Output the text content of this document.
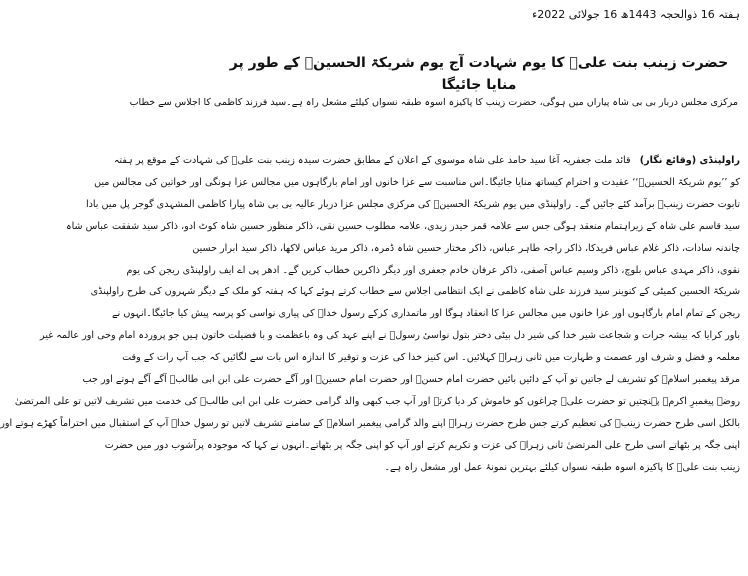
ہفتہ 16 ذوالحجہ 1443ھ 16 جولائی 2022ء
حضرت زینب بنت علیؑ کا یوم شہادت آج یوم شریکۃ الحسینؑ کے طور پر منایا جائیگا
مرکزی مجلس دربار بی بی شاہ پیاراں میں ہوگی، حضرت زینب کا پاکیزہ اسوہ طبقہ نسواں کیلئے مشعل راہ ہے۔سید فرزند کاظمی کا اجلاس سے خطاب
راولپنڈی (وقائع نگار)   قائد ملت جعفریہ آغا سید حامد علی شاہ موسوی کے اعلان کے مطابق حضرت سیدہ زینب بنت علیؑ کی شہادت کے موقع پر ہفتہ
کو ’’یوم شریکۃ الحسینؑ‘‘ عقیدت و احترام کیساتھ منایا جائیگا۔اس مناسبت سے عزا خانوں اور امام بارگاہوں میں مجالس عزا ہونگی اور خواتین کی مجالس میں
تابوت حضرت زینبؑ برآمد کئے جائیں گے۔ راولپنڈی میں یوم شریکۃ الحسینؑ کی مرکزی مجلس عزا دربار عالیہ بی بی شاہ پیارا کاظمی المشہدی گوجر پل میں بادا
سید قاسم علی شاہ کے زیراہتمام منعقد ہوگی جس سے علامہ قمر حیدر زیدی، علامہ مطلوب حسین نقی، ذاکر منظور حسین شاہ کوٹ ادو، ذاکر سید شفقت عباس شاہ
چاندنہ سادات، ذاکر غلام عباس فریدکا، ذاکر راجہ طاہر عباس، ذاکر مختار حسین شاہ ڈمرہ، ذاکر مرید عباس لاکھا، ذاکر سید ابرار حسین
نقوی، ذاکر مہدی عباس بلوچ، ذاکر وسیم عباس آصفی، ذاکر عرفان خادم جعفری اور دیگر ذاکرین خطاب کریں گے۔ ادھر پی اے ایف راولپنڈی ریجن کی یوم
شریکۃ الحسین کمیٹی کے کنوینر سید فرزند علی شاہ کاظمی نے ایک انتظامی اجلاس سے خطاب کرتے ہوئے کہا کہ ہفتہ کو ملک کے دیگر شہروں کی طرح راولپنڈی
ریجن کے تمام امام بارگاہوں اور عزا خانوں میں مجالس عزا کا انعقاد ہوگا اور ماتمداری کرکے رسول خداؐ کی پیاری نواسی کو پرسہ پیش کیا جائیگا۔انہوں نے
باور کرایا کہ بیشہ جرات و شجاعت شیر خدا کی شیر دل بیٹی دختر بتول نواسیٔ رسولؐ نے اپنے عہد کی وہ باعظمت و با فضیلت خاتون ہیں جو پروردہ امام وحی اور عالمہ غیر
معلمہ و فضل و شرف اور عصمت و طہارت میں ثانی زہراؑ کہلائیں۔ اس کنیز خدا کی عزت و توقیر کا اندازہ اس بات سے لگائیں کہ جب آپ رات کے وقت
مرقد پیغمبر اسلامؐ کو تشریف لے جاتیں تو آپ کے دائیں بائیں حضرت امام حسنؑ اور حضرت امام حسینؑ اور آگے حضرت علی ابن ابی طالبؑ آگے آگے ہوتے اور جب
روضہ پیغمبرِ اکرمؐ پہنچتیں تو حضرت علیؑ چراغوں کو خاموش کر دیا کرتے اور آپ جب کبھی والد گرامی حضرت علی ابن ابی طالبؑ کی خدمت میں تشریف لاتیں تو علی المرتضیٰ
بالکل اسی طرح حضرت زینبؑ کی تعظیم کرتے جس طرح حضرت زہراؑ اپنے والد گرامی پیغمبر اسلامؐ کے سامنے تشریف لاتیں تو رسول خداؐ آپ کے استقبال میں احتراماً کھڑے ہوتے اور
اپنی جگہ پر بٹھاتے اسی طرح علی المرتضیٰ ثانی زہراؑ کی عزت و تکریم کرتے اور آپ کو اپنی جگہ پر بٹھاتے۔انہوں نے کہا کہ موجودہ پرآشوب دور میں حضرت
زینب بنت علیؑ کا پاکیزہ اسوہ طبقہ نسواں کیلئے بہترین نمونۂ عمل اور مشعل راہ ہے۔
